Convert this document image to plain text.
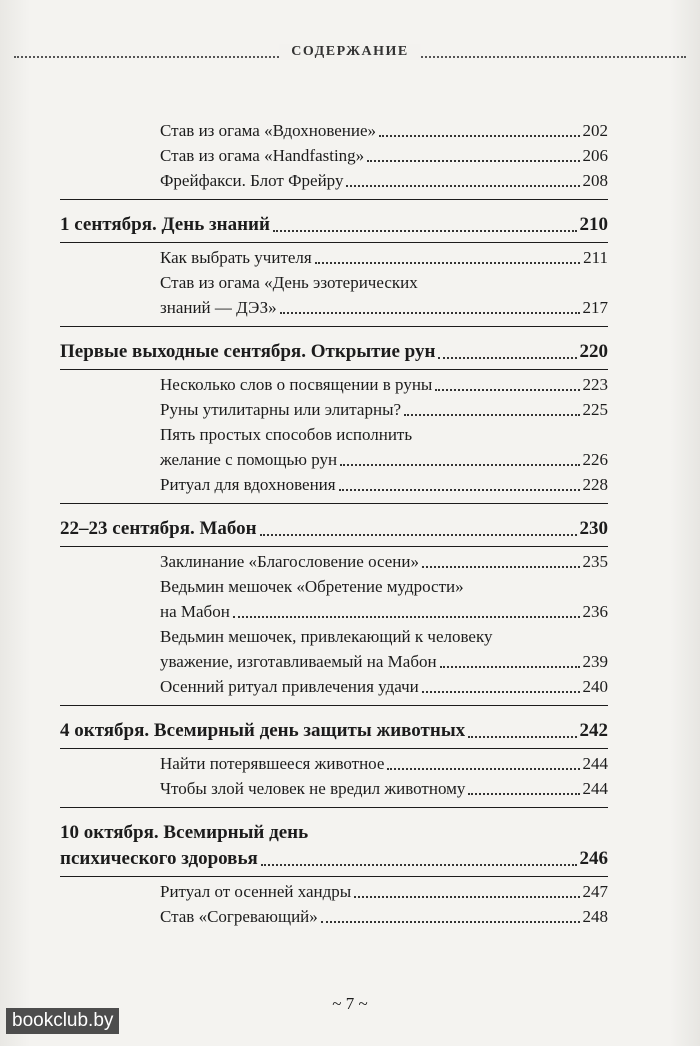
СОДЕРЖАНИЕ
Став из огама «Вдохновение»	202
Став из огама «Handfasting»	206
Фрейфакси. Блот Фрейру	208
1 сентября. День знаний	210
Как выбрать учителя	211
Став из огама «День эзотерических
знаний — ДЭЗ»	217
Первые выходные сентября. Открытие рун	220
Несколько слов о посвящении в руны	223
Руны утилитарны или элитарны?	225
Пять простых способов исполнить
желание с помощью рун	226
Ритуал для вдохновения	228
22–23 сентября. Мабон	230
Заклинание «Благословение осени»	235
Ведьмин мешочек «Обретение мудрости»
на Мабон	236
Ведьмин мешочек, привлекающий к человеку
уважение, изготавливаемый на Мабон	239
Осенний ритуал привлечения удачи	240
4 октября. Всемирный день защиты животных	242
Найти потерявшееся животное	244
Чтобы злой человек не вредил животному	244
10 октября. Всемирный день
психического здоровья	246
Ритуал от осенней хандры	247
Став «Согревающий»	248
~ 7 ~
bookclub.by
